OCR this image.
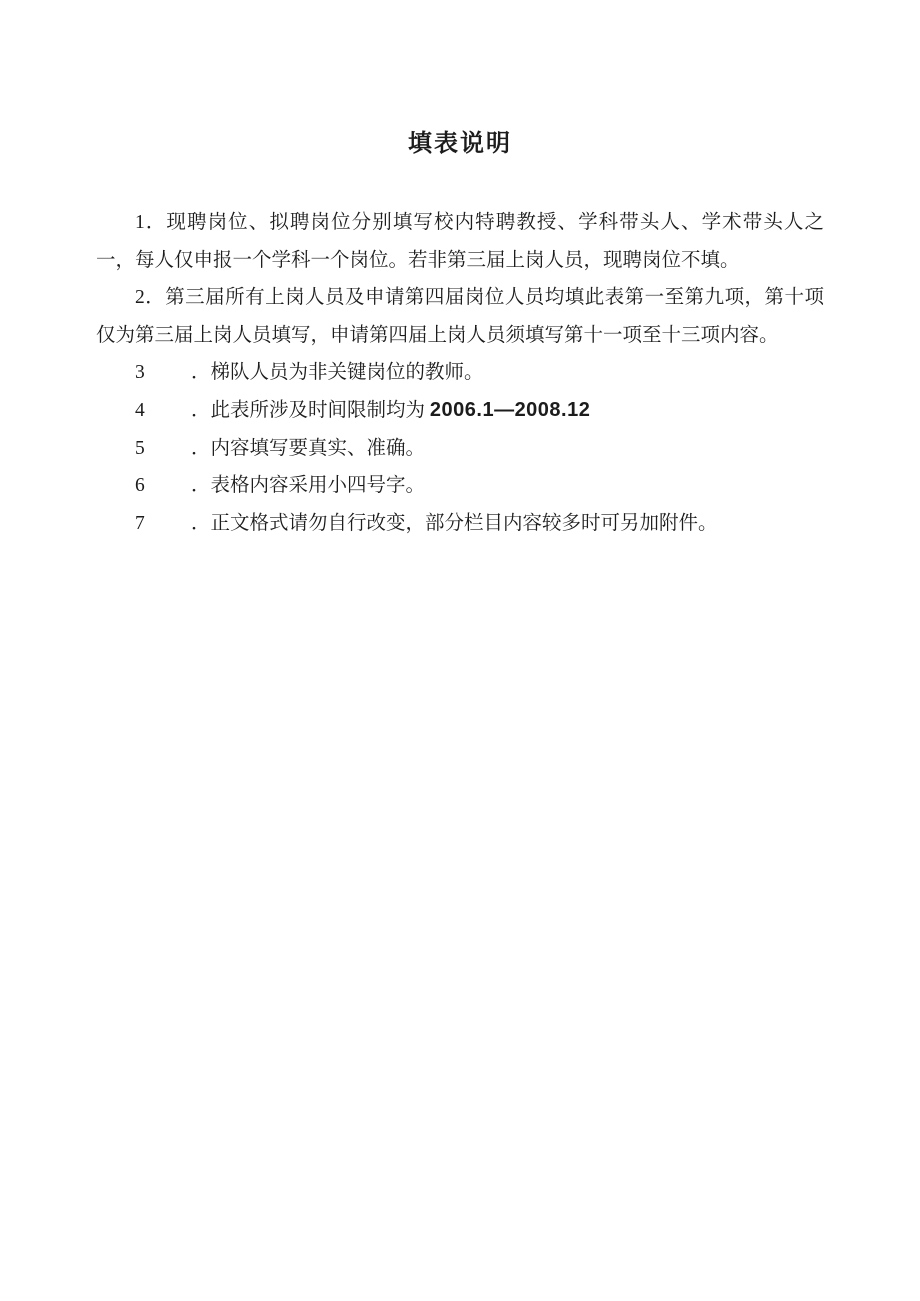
填表说明

1．现聘岗位、拟聘岗位分别填写校内特聘教授、学科带头人、学术带头人之一，每人仅申报一个学科一个岗位。若非第三届上岗人员，现聘岗位不填。

2．第三届所有上岗人员及申请第四届岗位人员均填此表第一至第九项，第十项仅为第三届上岗人员填写，申请第四届上岗人员须填写第十一项至十三项内容。

3 ．梯队人员为非关键岗位的教师。

4 ．此表所涉及时间限制均为 2006.1—2008.12

5 ．内容填写要真实、准确。

6 ．表格内容采用小四号字。

7 ．正文格式请勿自行改变，部分栏目内容较多时可另加附件。
